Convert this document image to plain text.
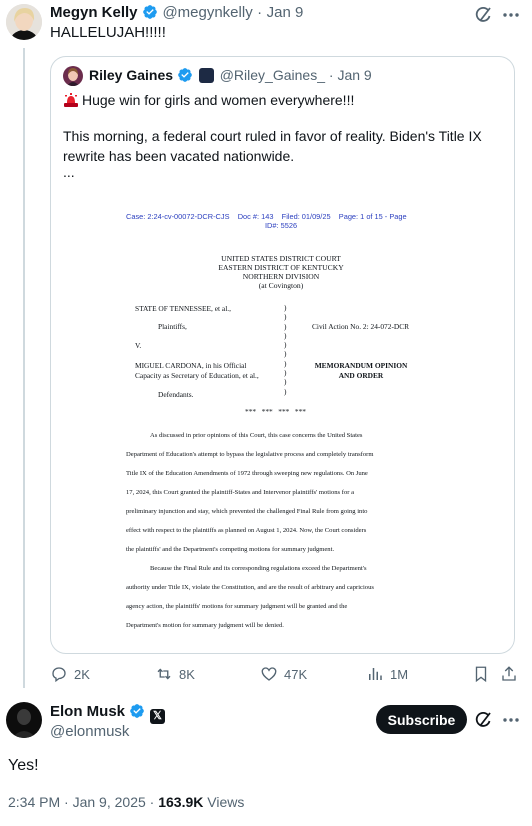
Megyn Kelly @megynkelly · Jan 9
HALLELUJAH!!!!!
Riley Gaines	@Riley_Gaines_ · Jan 9
Huge win for girls and women everywhere!!!
This morning, a federal court ruled in favor of reality. Biden's Title IX rewrite has been vacated nationwide.
...
Case: 2:24-cv-00072-DCR-CJS    Doc #: 143    Filed: 01/09/25    Page: 1 of 15 - Page
ID#: 5526
UNITED STATES DISTRICT COURT
EASTERN DISTRICT OF KENTUCKY
NORTHERN DIVISION
(at Covington)
STATE OF TENNESSEE, et al.,
Plaintiffs,
V.
MIGUEL CARDONA, in his Official
Capacity as Secretary of Education, et al.,
Defendants.
)
)
)
)
)
)
)
)
)
)
Civil Action No. 2: 24-072-DCR
MEMORANDUM OPINION
AND ORDER
***   ***   ***   ***
As discussed in prior opinions of this Court, this case concerns the United States
Department of Education's attempt to bypass the legislative process and completely transform
Title IX of the Education Amendments of 1972 through sweeping new regulations. On June
17, 2024, this Court granted the plaintiff-States and Intervenor plaintiffs' motions for a
preliminary injunction and stay, which prevented the challenged Final Rule from going into
effect with respect to the plaintiffs as planned on August 1, 2024. Now, the Court considers
the plaintiffs' and the Department's competing motions for summary judgment.
Because the Final Rule and its corresponding regulations exceed the Department's
authority under Title IX, violate the Constitution, and are the result of arbitrary and capricious
agency action, the plaintiffs' motions for summary judgment will be granted and the
Department's motion for summary judgment will be denied.
2K	8K	47K	1M
Elon Musk	𝕏
@elonmusk
Subscribe
Yes!
2:34 PM · Jan 9, 2025 · 163.9K Views
